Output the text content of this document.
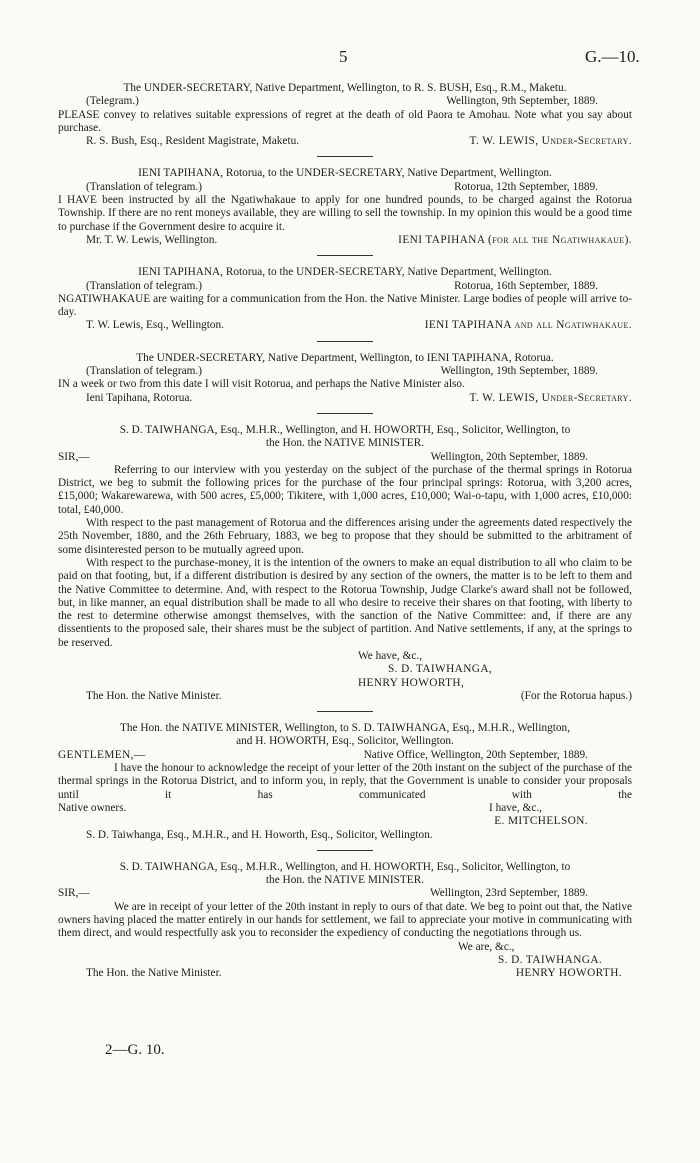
5	G.—10.
The UNDER-SECRETARY, Native Department, Wellington, to R. S. BUSH, Esq., R.M., Maketu.
(Telegram.)	Wellington, 9th September, 1889.
PLEASE convey to relatives suitable expressions of regret at the death of old Paora te Amohau. Note what you say about purchase.
R. S. Bush, Esq., Resident Magistrate, Maketu.	T. W. LEWIS, Under-Secretary.
IENI TAPIHANA, Rotorua, to the UNDER-SECRETARY, Native Department, Wellington.
(Translation of telegram.)	Rotorua, 12th September, 1889.
I HAVE been instructed by all the Ngatiwhakaue to apply for one hundred pounds, to be charged against the Rotorua Township. If there are no rent moneys available, they are willing to sell the township. In my opinion this would be a good time to purchase if the Government desire to acquire it.
Mr. T. W. Lewis, Wellington.	IENI TAPIHANA (for all the Ngatiwhakaue).
IENI TAPIHANA, Rotorua, to the UNDER-SECRETARY, Native Department, Wellington.
(Translation of telegram.)	Rotorua, 16th September, 1889.
NGATIWHAKAUE are waiting for a communication from the Hon. the Native Minister. Large bodies of people will arrive to-day.
T. W. Lewis, Esq., Wellington.	IENI TAPIHANA and all Ngatiwhakaue.
The UNDER-SECRETARY, Native Department, Wellington, to IENI TAPIHANA, Rotorua.
(Translation of telegram.)	Wellington, 19th September, 1889.
IN a week or two from this date I will visit Rotorua, and perhaps the Native Minister also.
Ieni Tapihana, Rotorua.	T. W. LEWIS, Under-Secretary.
S. D. TAIWHANGA, Esq., M.H.R., Wellington, and H. HOWORTH, Esq., Solicitor, Wellington, to
the Hon. the NATIVE MINISTER.
SIR,—	Wellington, 20th September, 1889.
Referring to our interview with you yesterday on the subject of the purchase of the thermal springs in Rotorua District, we beg to submit the following prices for the purchase of the four principal springs: Rotorua, with 3,200 acres, £15,000; Wakarewarewa, with 500 acres, £5,000; Tikitere, with 1,000 acres, £10,000; Wai-o-tapu, with 1,000 acres, £10,000: total, £40,000.
With respect to the past management of Rotorua and the differences arising under the agreements dated respectively the 25th November, 1880, and the 26th February, 1883, we beg to propose that they should be submitted to the arbitrament of some disinterested person to be mutually agreed upon.
With respect to the purchase-money, it is the intention of the owners to make an equal distribution to all who claim to be paid on that footing, but, if a different distribution is desired by any section of the owners, the matter is to be left to them and the Native Committee to determine. And, with respect to the Rotorua Township, Judge Clarke's award shall not be followed, but, in like manner, an equal distribution shall be made to all who desire to receive their shares on that footing, with liberty to the rest to determine otherwise amongst themselves, with the sanction of the Native Committee: and, if there are any dissentients to the proposed sale, their shares must be the subject of partition. And Native settlements, if any, at the springs to be reserved.
We have, &c.,
S. D. TAIWHANGA,
HENRY HOWORTH,
The Hon. the Native Minister.	(For the Rotorua hapus.)
The Hon. the NATIVE MINISTER, Wellington, to S. D. TAIWHANGA, Esq., M.H.R., Wellington,
and H. HOWORTH, Esq., Solicitor, Wellington.
GENTLEMEN,—	Native Office, Wellington, 20th September, 1889.
I have the honour to acknowledge the receipt of your letter of the 20th instant on the subject of the purchase of the thermal springs in the Rotorua District, and to inform you, in reply, that the Government is unable to consider your proposals until it has communicated with the
Native owners.	I have, &c.,
E. MITCHELSON.
S. D. Taiwhanga, Esq., M.H.R., and H. Howorth, Esq., Solicitor, Wellington.
S. D. TAIWHANGA, Esq., M.H.R., Wellington, and H. HOWORTH, Esq., Solicitor, Wellington, to
the Hon. the NATIVE MINISTER.
SIR,—	Wellington, 23rd September, 1889.
We are in receipt of your letter of the 20th instant in reply to ours of that date. We beg to point out that, the Native owners having placed the matter entirely in our hands for settlement, we fail to appreciate your motive in communicating with them direct, and would respectfully ask you to reconsider the expediency of conducting the negotiations through us.
We are, &c.,
S. D. TAIWHANGA.
The Hon. the Native Minister.	HENRY HOWORTH.
2—G. 10.
